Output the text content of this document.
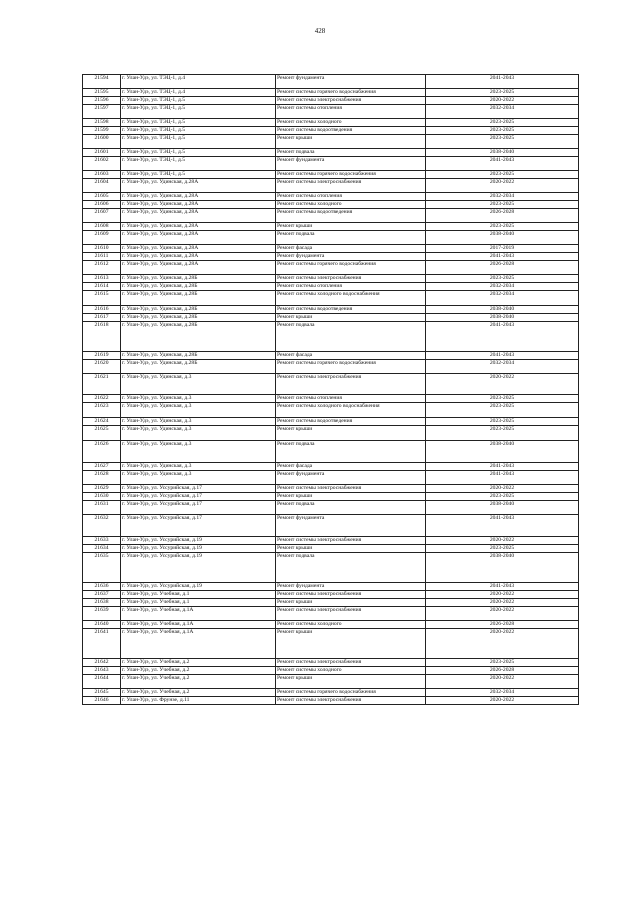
428
21594	г. Улан-Удэ, ул. ТЭЦ-1, д.4	Ремонт фундамента	2041-2043
21595	г. Улан-Удэ, ул. ТЭЦ-1, д.4	Ремонт системы горячего водоснабжения	2023-2025
21596	г. Улан-Удэ, ул. ТЭЦ-1, д.5	Ремонт системы электроснабжения	2020-2022
21597	г. Улан-Удэ, ул. ТЭЦ-1, д.5	Ремонт системы отопления	2032-2034
21598	г. Улан-Удэ, ул. ТЭЦ-1, д.5	Ремонт системы холодного	2023-2025
21599	г. Улан-Удэ, ул. ТЭЦ-1, д.5	Ремонт системы водоотведения	2023-2025
21600	г. Улан-Удэ, ул. ТЭЦ-1, д.5	Ремонт крыши	2023-2025
21601	г. Улан-Удэ, ул. ТЭЦ-1, д.5	Ремонт подвала	2038-2040
21602	г. Улан-Удэ, ул. ТЭЦ-1, д.5	Ремонт фундамента	2041-2043
21603	г. Улан-Удэ, ул. ТЭЦ-1, д.5	Ремонт системы горячего водоснабжения	2023-2025
21604	г. Улан-Удэ, ул. Удинская, д.28А	Ремонт системы электроснабжения	2020-2022
21605	г. Улан-Удэ, ул. Удинская, д.28А	Ремонт системы отопления	2032-2034
21606	г. Улан-Удэ, ул. Удинская, д.28А	Ремонт системы холодного	2023-2025
21607	г. Улан-Удэ, ул. Удинская, д.28А	Ремонт системы водоотведения	2026-2028
21608	г. Улан-Удэ, ул. Удинская, д.28А	Ремонт крыши	2023-2025
21609	г. Улан-Удэ, ул. Удинская, д.28А	Ремонт подвала	2038-2040
21610	г. Улан-Удэ, ул. Удинская, д.28А	Ремонт фасада	2017-2019
21611	г. Улан-Удэ, ул. Удинская, д.28А	Ремонт фундамента	2041-2043
21612	г. Улан-Удэ, ул. Удинская, д.28А	Ремонт системы горячего водоснабжения	2026-2028
21613	г. Улан-Удэ, ул. Удинская, д.28Б	Ремонт системы электроснабжения	2023-2025
21614	г. Улан-Удэ, ул. Удинская, д.28Б	Ремонт системы отопления	2032-2034
21615	г. Улан-Удэ, ул. Удинская, д.28Б	Ремонт системы холодного водоснабжения	2032-2034
21616	г. Улан-Удэ, ул. Удинская, д.28Б	Ремонт системы водоотведения	2038-2040
21617	г. Улан-Удэ, ул. Удинская, д.28Б	Ремонт крыши	2038-2040
21618	г. Улан-Удэ, ул. Удинская, д.28Б	Ремонт подвала	2041-2043
21619	г. Улан-Удэ, ул. Удинская, д.28Б	Ремонт фасада	2041-2043
21620	г. Улан-Удэ, ул. Удинская, д.28Б	Ремонт системы горячего водоснабжения	2032-2034
21621	г. Улан-Удэ, ул. Удинская, д.3	Ремонт системы электроснабжения	2020-2022
21622	г. Улан-Удэ, ул. Удинская, д.3	Ремонт системы отопления	2023-2025
21623	г. Улан-Удэ, ул. Удинская, д.3	Ремонт системы холодного водоснабжения	2023-2025
21624	г. Улан-Удэ, ул. Удинская, д.3	Ремонт системы водоотведения	2023-2025
21625	г. Улан-Удэ, ул. Удинская, д.3	Ремонт крыши	2023-2025
21626	г. Улан-Удэ, ул. Удинская, д.3	Ремонт подвала	2038-2040
21627	г. Улан-Удэ, ул. Удинская, д.3	Ремонт фасада	2041-2043
21628	г. Улан-Удэ, ул. Удинская, д.3	Ремонт фундамента	2041-2043
21629	г. Улан-Удэ, ул. Уссурийская, д.17	Ремонт системы электроснабжения	2020-2022
21630	г. Улан-Удэ, ул. Уссурийская, д.17	Ремонт крыши	2023-2025
21631	г. Улан-Удэ, ул. Уссурийская, д.17	Ремонт подвала	2038-2040
21632	г. Улан-Удэ, ул. Уссурийская, д.17	Ремонт фундамента	2041-2043
21633	г. Улан-Удэ, ул. Уссурийская, д.19	Ремонт системы электроснабжения	2020-2022
21634	г. Улан-Удэ, ул. Уссурийская, д.19	Ремонт крыши	2023-2025
21635	г. Улан-Удэ, ул. Уссурийская, д.19	Ремонт подвала	2038-2040
21636	г. Улан-Удэ, ул. Уссурийская, д.19	Ремонт фундамента	2041-2043
21637	г. Улан-Удэ, ул. Учебная, д.1	Ремонт системы электроснабжения	2020-2022
21638	г. Улан-Удэ, ул. Учебная, д.1	Ремонт крыши	2020-2022
21639	г. Улан-Удэ, ул. Учебная, д.1А	Ремонт системы электроснабжения	2020-2022
21640	г. Улан-Удэ, ул. Учебная, д.1А	Ремонт системы холодного	2026-2028
21641	г. Улан-Удэ, ул. Учебная, д.1А	Ремонт крыши	2020-2022
21642	г. Улан-Удэ, ул. Учебная, д.2	Ремонт системы электроснабжения	2023-2025
21643	г. Улан-Удэ, ул. Учебная, д.2	Ремонт системы холодного	2026-2028
21644	г. Улан-Удэ, ул. Учебная, д.2	Ремонт крыши	2020-2022
21645	г. Улан-Удэ, ул. Учебная, д.2	Ремонт системы горячего водоснабжения	2032-2034
21646	г. Улан-Удэ, ул. Фрунзе, д.11	Ремонт системы электроснабжения	2020-2022
